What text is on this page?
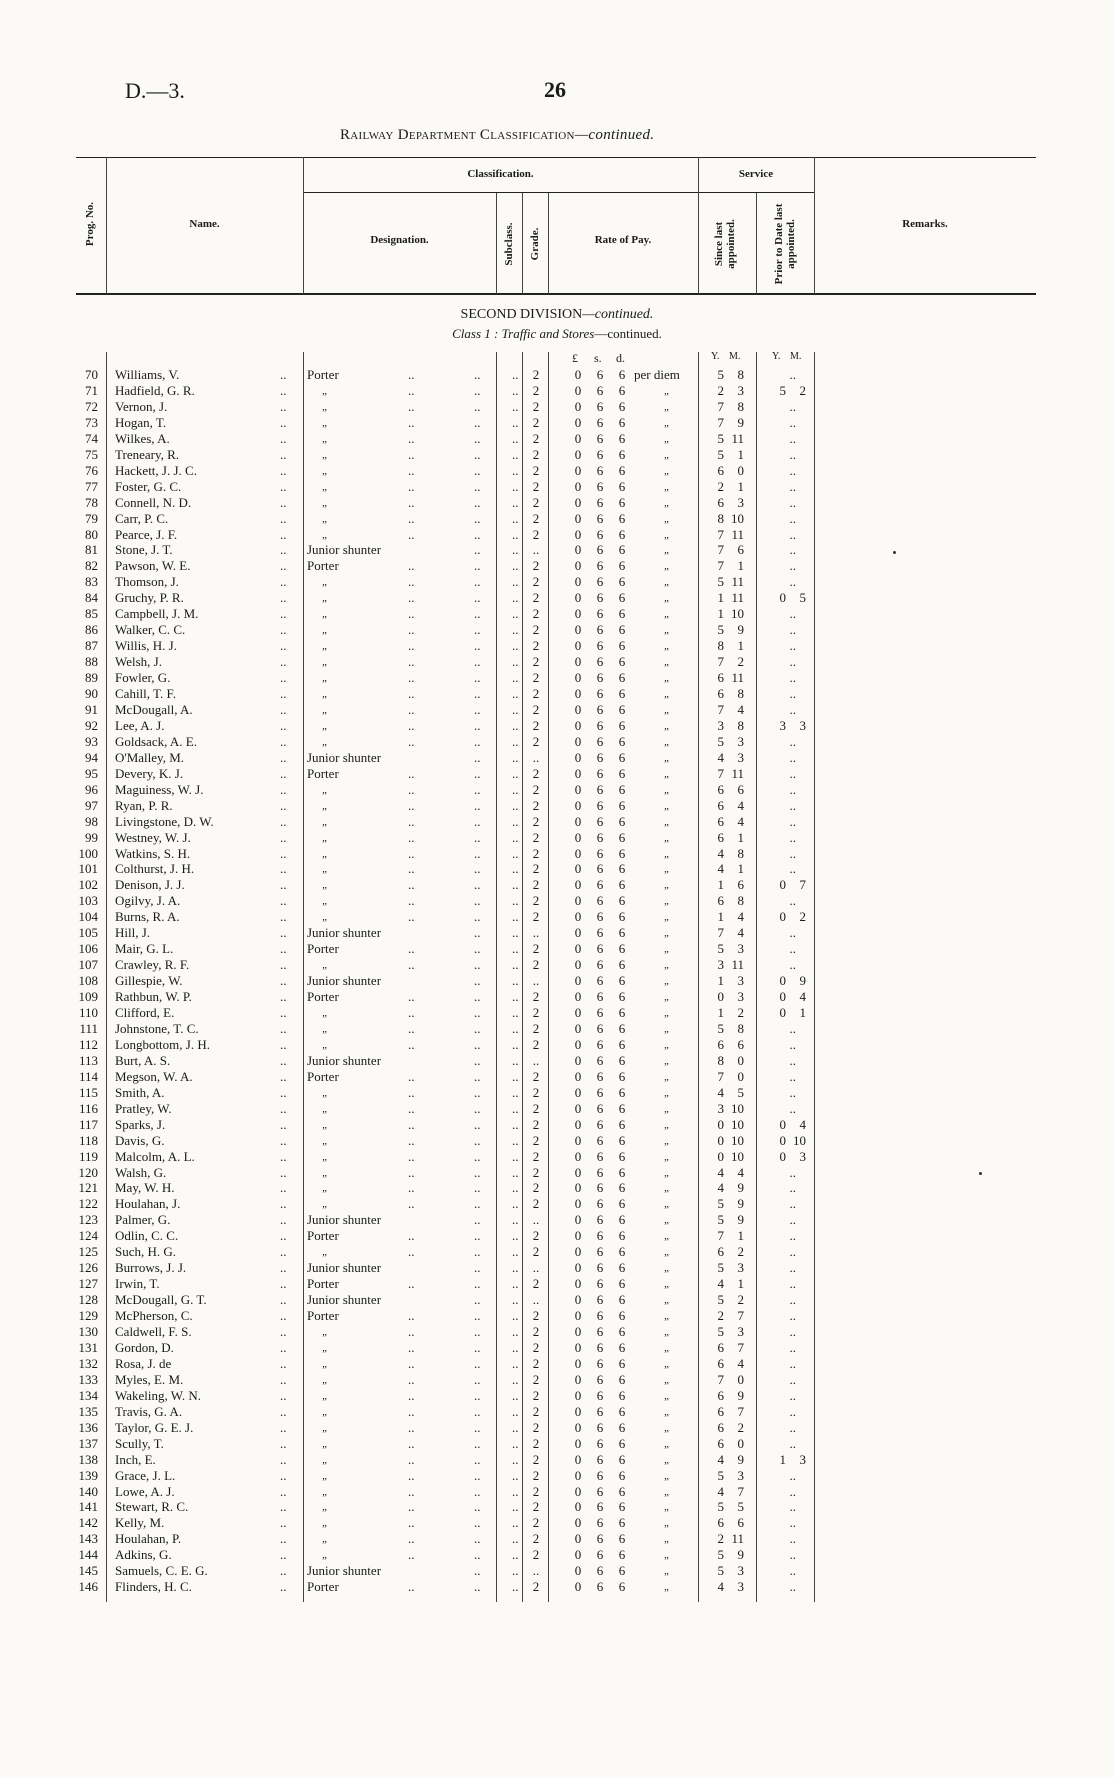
D.—3.	26
Railway Department Classification—continued.
Prog. No.	Name.
Classification.
Designation.	Subclass. Grade.	Rate of Pay.
Service
Since last appointed.	Prior to Date last appointed.	Remarks.
SECOND DIVISION—continued.
Class 1 : Traffic and Stores—continued.
£ s. d.	Y. M.	Y. M.
70 Williams, V.	.. Porter	..	.. .. 2	0 6 6 per diem	5	8	..
71 Hadfield, G. R.	..	„	..	.. .. 2	0 6 6	„	2	3	5	2
72 Vernon, J.	..	„	..	.. .. 2	0 6 6	„	7	8	..
73 Hogan, T.	..	„	..	.. .. 2	0 6 6	„	7	9	..
74 Wilkes, A.	..	„	..	.. .. 2	0 6 6	„	5 11	..
75 Treneary, R.	..	„	..	.. .. 2	0 6 6	„	5	1	..
76 Hackett, J. J. C.	..	„	..	.. .. 2	0 6 6	„	6	0	..
77 Foster, G. C.	..	„	..	.. .. 2	0 6 6	„	2	1	..
78 Connell, N. D.	..	„	..	.. .. 2	0 6 6	„	6	3	..
79 Carr, P. C.	..	„	..	.. .. 2	0 6 6	„	8 10	..
80 Pearce, J. F.	..	„	..	.. .. 2	0 6 6	„	7 11	..
81 Stone, J. T.	.. Junior shunter	.. .. ..	0 6 6	„	7	6	..
82 Pawson, W. E.	.. Porter	..	.. .. 2	0 6 6	„	7	1	..
83 Thomson, J.	..	„	..	.. .. 2	0 6 6	„	5 11	..
84 Gruchy, P. R.	..	„	..	.. .. 2	0 6 6	„	1 11	0	5
85 Campbell, J. M.	..	„	..	.. .. 2	0 6 6	„	1 10	..
86 Walker, C. C.	..	„	..	.. .. 2	0 6 6	„	5	9	..
87 Willis, H. J.	..	„	..	.. .. 2	0 6 6	„	8	1	..
88 Welsh, J.	..	„	..	.. .. 2	0 6 6	„	7	2	..
89 Fowler, G.	..	„	..	.. .. 2	0 6 6	„	6 11	..
90 Cahill, T. F.	..	„	..	.. .. 2	0 6 6	„	6	8	..
91 McDougall, A.	..	„	..	.. .. 2	0 6 6	„	7	4	..
92 Lee, A. J.	..	„	..	.. .. 2	0 6 6	„	3	8	3	3
93 Goldsack, A. E.	..	„	..	.. .. 2	0 6 6	„	5	3	..
94 O'Malley, M.	.. Junior shunter	.. .. ..	0 6 6	„	4	3	..
95 Devery, K. J.	.. Porter	..	.. .. 2	0 6 6	„	7 11	..
96 Maguiness, W. J.	..	„	..	.. .. 2	0 6 6	„	6	6	..
97 Ryan, P. R.	..	„	..	.. .. 2	0 6 6	„	6	4	..
98 Livingstone, D. W.	..	„	..	.. .. 2	0 6 6	„	6	4	..
99 Westney, W. J.	..	„	..	.. .. 2	0 6 6	„	6	1	..
100 Watkins, S. H.	..	„	..	.. .. 2	0 6 6	„	4	8	..
101 Colthurst, J. H.	..	„	..	.. .. 2	0 6 6	„	4	1	..
102 Denison, J. J.	..	„	..	.. .. 2	0 6 6	„	1	6	0	7
103 Ogilvy, J. A.	..	„	..	.. .. 2	0 6 6	„	6	8	..
104 Burns, R. A.	..	„	..	.. .. 2	0 6 6	„	1	4	0	2
105 Hill, J.	.. Junior shunter	.. .. ..	0 6 6	„	7	4	..
106 Mair, G. L.	.. Porter	..	.. .. 2	0 6 6	„	5	3	..
107 Crawley, R. F.	..	„	..	.. .. 2	0 6 6	„	3 11	..
108 Gillespie, W.	.. Junior shunter	.. .. ..	0 6 6	„	1	3	0	9
109 Rathbun, W. P.	.. Porter	..	.. .. 2	0 6 6	„	0	3	0	4
110 Clifford, E.	..	„	..	.. .. 2	0 6 6	„	1	2	0	1
111 Johnstone, T. C.	..	„	..	.. .. 2	0 6 6	„	5	8	..
112 Longbottom, J. H.	..	„	..	.. .. 2	0 6 6	„	6	6	..
113 Burt, A. S.	.. Junior shunter	.. .. ..	0 6 6	„	8	0	..
114 Megson, W. A.	.. Porter	..	.. .. 2	0 6 6	„	7	0	..
115 Smith, A.	..	„	..	.. .. 2	0 6 6	„	4	5	..
116 Pratley, W.	..	„	..	.. .. 2	0 6 6	„	3 10	..
117 Sparks, J.	..	„	..	.. .. 2	0 6 6	„	0 10	0	4
118 Davis, G.	..	„	..	.. .. 2	0 6 6	„	0 10	0 10
119 Malcolm, A. L.	..	„	..	.. .. 2	0 6 6	„	0 10	0	3
120 Walsh, G.	..	„	..	.. .. 2	0 6 6	„	4	4	..
121 May, W. H.	..	„	..	.. .. 2	0 6 6	„	4	9	..
122 Houlahan, J.	..	„	..	.. .. 2	0 6 6	„	5	9	..
123 Palmer, G.	.. Junior shunter	.. .. ..	0 6 6	„	5	9	..
124 Odlin, C. C.	.. Porter	..	.. .. 2	0 6 6	„	7	1	..
125 Such, H. G.	..	„	..	.. .. 2	0 6 6	„	6	2	..
126 Burrows, J. J.	.. Junior shunter	.. .. ..	0 6 6	„	5	3	..
127 Irwin, T.	.. Porter	..	.. .. 2	0 6 6	„	4	1	..
128 McDougall, G. T.	.. Junior shunter	.. .. ..	0 6 6	„	5	2	..
129 McPherson, C.	.. Porter	..	.. .. 2	0 6 6	„	2	7	..
130 Caldwell, F. S.	..	„	..	.. .. 2	0 6 6	„	5	3	..
131 Gordon, D.	..	„	..	.. .. 2	0 6 6	„	6	7	..
132 Rosa, J. de	..	„	..	.. .. 2	0 6 6	„	6	4	..
133 Myles, E. M.	..	„	..	.. .. 2	0 6 6	„	7	0	..
134 Wakeling, W. N.	..	„	..	.. .. 2	0 6 6	„	6	9	..
135 Travis, G. A.	..	„	..	.. .. 2	0 6 6	„	6	7	..
136 Taylor, G. E. J.	..	„	..	.. .. 2	0 6 6	„	6	2	..
137 Scully, T.	..	„	..	.. .. 2	0 6 6	„	6	0	..
138 Inch, E.	..	„	..	.. .. 2	0 6 6	„	4	9	1	3
139 Grace, J. L.	..	„	..	.. .. 2	0 6 6	„	5	3	..
140 Lowe, A. J.	..	„	..	.. .. 2	0 6 6	„	4	7	..
141 Stewart, R. C.	..	„	..	.. .. 2	0 6 6	„	5	5	..
142 Kelly, M.	..	„	..	.. .. 2	0 6 6	„	6	6	..
143 Houlahan, P.	..	„	..	.. .. 2	0 6 6	„	2 11	..
144 Adkins, G.	..	„	..	.. .. 2	0 6 6	„	5	9	..
145 Samuels, C. E. G.	.. Junior shunter	.. .. ..	0 6 6	„	5	3	..
146 Flinders, H. C.	.. Porter	..	.. .. 2	0 6 6	„	4	3	..
